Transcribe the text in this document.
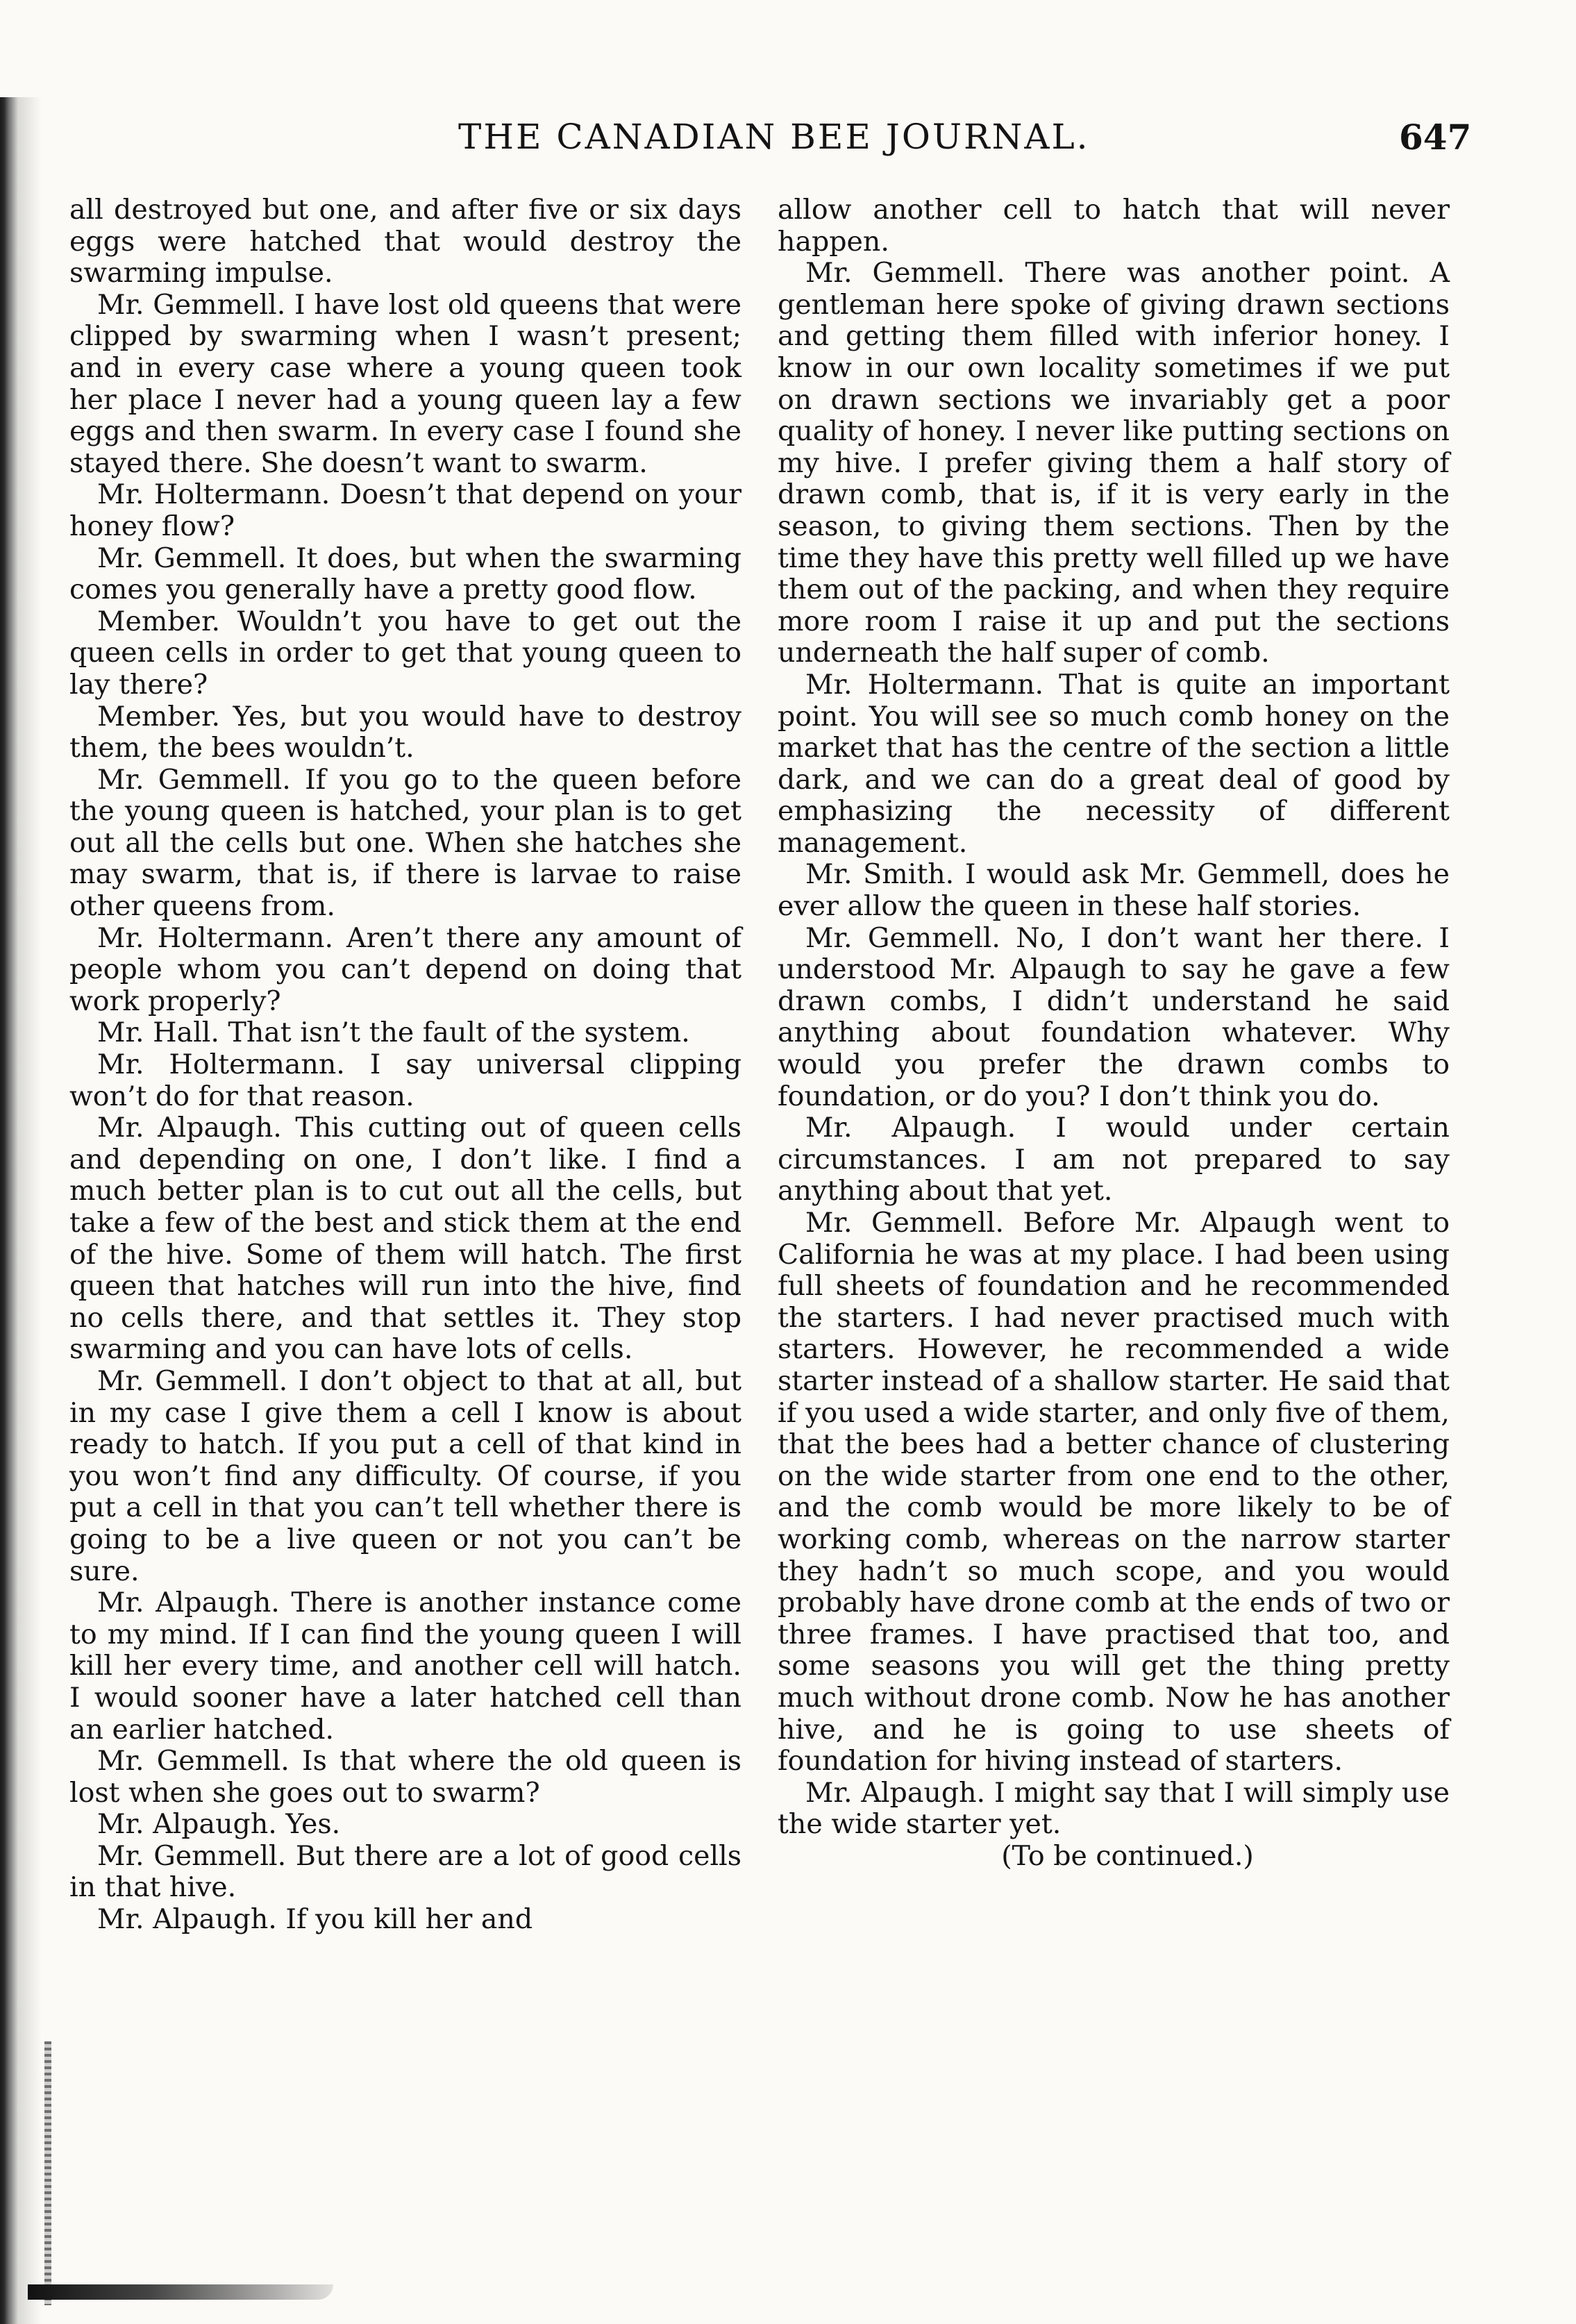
THE CANADIAN BEE JOURNAL.	647

all destroyed but one, and after five or six days eggs were hatched that would destroy the swarming impulse.

Mr. Gemmell. I have lost old queens that were clipped by swarming when I wasn’t present; and in every case where a young queen took her place I never had a young queen lay a few eggs and then swarm. In every case I found she stayed there. She doesn’t want to swarm.

Mr. Holtermann. Doesn’t that depend on your honey flow?

Mr. Gemmell. It does, but when the swarming comes you generally have a pretty good flow.

Member. Wouldn’t you have to get out the queen cells in order to get that young queen to lay there?

Member. Yes, but you would have to destroy them, the bees wouldn’t.

Mr. Gemmell. If you go to the queen before the young queen is hatched, your plan is to get out all the cells but one. When she hatches she may swarm, that is, if there is larvae to raise other queens from.

Mr. Holtermann. Aren’t there any amount of people whom you can’t depend on doing that work properly?

Mr. Hall. That isn’t the fault of the system.

Mr. Holtermann. I say universal clipping won’t do for that reason.

Mr. Alpaugh. This cutting out of queen cells and depending on one, I don’t like. I find a much better plan is to cut out all the cells, but take a few of the best and stick them at the end of the hive. Some of them will hatch. The first queen that hatches will run into the hive, find no cells there, and that settles it. They stop swarming and you can have lots of cells.

Mr. Gemmell. I don’t object to that at all, but in my case I give them a cell I know is about ready to hatch. If you put a cell of that kind in you won’t find any difficulty. Of course, if you put a cell in that you can’t tell whether there is going to be a live queen or not you can’t be sure.

Mr. Alpaugh. There is another instance come to my mind. If I can find the young queen I will kill her every time, and another cell will hatch. I would sooner have a later hatched cell than an earlier hatched.

Mr. Gemmell. Is that where the old queen is lost when she goes out to swarm?

Mr. Alpaugh. Yes.

Mr. Gemmell. But there are a lot of good cells in that hive.

Mr. Alpaugh. If you kill her and

allow another cell to hatch that will never happen.

Mr. Gemmell. There was another point. A gentleman here spoke of giving drawn sections and getting them filled with inferior honey. I know in our own locality sometimes if we put on drawn sections we invariably get a poor quality of honey. I never like putting sections on my hive. I prefer giving them a half story of drawn comb, that is, if it is very early in the season, to giving them sections. Then by the time they have this pretty well filled up we have them out of the packing, and when they require more room I raise it up and put the sections underneath the half super of comb.

Mr. Holtermann. That is quite an important point. You will see so much comb honey on the market that has the centre of the section a little dark, and we can do a great deal of good by emphasizing the necessity of different management.

Mr. Smith. I would ask Mr. Gemmell, does he ever allow the queen in these half stories.

Mr. Gemmell. No, I don’t want her there. I understood Mr. Alpaugh to say he gave a few drawn combs, I didn’t understand he said anything about foundation whatever. Why would you prefer the drawn combs to foundation, or do you? I don’t think you do.

Mr. Alpaugh. I would under certain circumstances. I am not prepared to say anything about that yet.

Mr. Gemmell. Before Mr. Alpaugh went to California he was at my place. I had been using full sheets of foundation and he recommended the starters. I had never practised much with starters. However, he recommended a wide starter instead of a shallow starter. He said that if you used a wide starter, and only five of them, that the bees had a better chance of clustering on the wide starter from one end to the other, and the comb would be more likely to be of working comb, whereas on the narrow starter they hadn’t so much scope, and you would probably have drone comb at the ends of two or three frames. I have practised that too, and some seasons you will get the thing pretty much without drone comb. Now he has another hive, and he is going to use sheets of foundation for hiving instead of starters.

Mr. Alpaugh. I might say that I will simply use the wide starter yet.

(To be continued.)
